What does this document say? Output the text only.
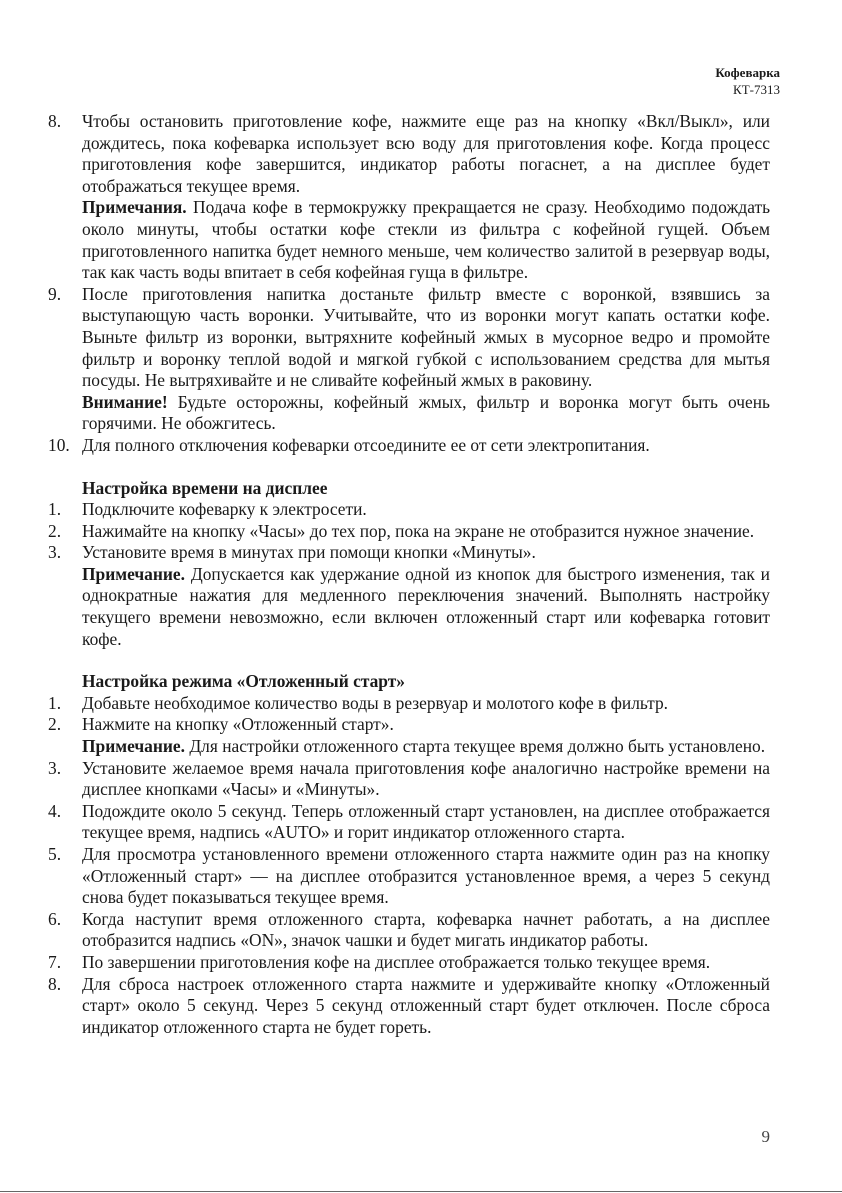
Кофеварка
КТ-7313
8.	Чтобы остановить приготовление кофе, нажмите еще раз на кнопку «Вкл/Выкл», или дождитесь, пока кофеварка использует всю воду для приготовления кофе. Когда процесс приготовления кофе завершится, индикатор работы погаснет, а на дисплее будет отображаться текущее время.
Примечания. Подача кофе в термокружку прекращается не сразу. Необходимо подождать около минуты, чтобы остатки кофе стекли из фильтра с кофейной гущей. Объем приготовленного напитка будет немного меньше, чем количество залитой в резервуар воды, так как часть воды впитает в себя кофейная гуща в фильтре.
9.	После приготовления напитка достаньте фильтр вместе с воронкой, взявшись за выступающую часть воронки. Учитывайте, что из воронки могут капать остатки кофе. Выньте фильтр из воронки, вытряхните кофейный жмых в мусорное ведро и промойте фильтр и воронку теплой водой и мягкой губкой с использованием средства для мытья посуды. Не вытряхивайте и не сливайте кофейный жмых в раковину.
Внимание! Будьте осторожны, кофейный жмых, фильтр и воронка могут быть очень горячими. Не обожгитесь.
10. Для полного отключения кофеварки отсоедините ее от сети электропитания.
Настройка времени на дисплее
1.	Подключите кофеварку к электросети.
2.	Нажимайте на кнопку «Часы» до тех пор, пока на экране не отобразится нужное значение.
3.	Установите время в минутах при помощи кнопки «Минуты».
Примечание. Допускается как удержание одной из кнопок для быстрого изменения, так и однократные нажатия для медленного переключения значений. Выполнять настройку текущего времени невозможно, если включен отложенный старт или кофеварка готовит кофе.
Настройка режима «Отложенный старт»
1.	Добавьте необходимое количество воды в резервуар и молотого кофе в фильтр.
2.	Нажмите на кнопку «Отложенный старт».
Примечание. Для настройки отложенного старта текущее время должно быть установлено.
3.	Установите желаемое время начала приготовления кофе аналогично настройке времени на дисплее кнопками «Часы» и «Минуты».
4.	Подождите около 5 секунд. Теперь отложенный старт установлен, на дисплее отображается текущее время, надпись «AUTO» и горит индикатор отложенного старта.
5.	Для просмотра установленного времени отложенного старта нажмите один раз на кнопку «Отложенный старт» — на дисплее отобразится установленное время, а через 5 секунд снова будет показываться текущее время.
6.	Когда наступит время отложенного старта, кофеварка начнет работать, а на дисплее отобразится надпись «ON», значок чашки и будет мигать индикатор работы.
7.	По завершении приготовления кофе на дисплее отображается только текущее время.
8.	Для сброса настроек отложенного старта нажмите и удерживайте кнопку «Отложенный старт» около 5 секунд. Через 5 секунд отложенный старт будет отключен. После сброса индикатор отложенного старта не будет гореть.
9
